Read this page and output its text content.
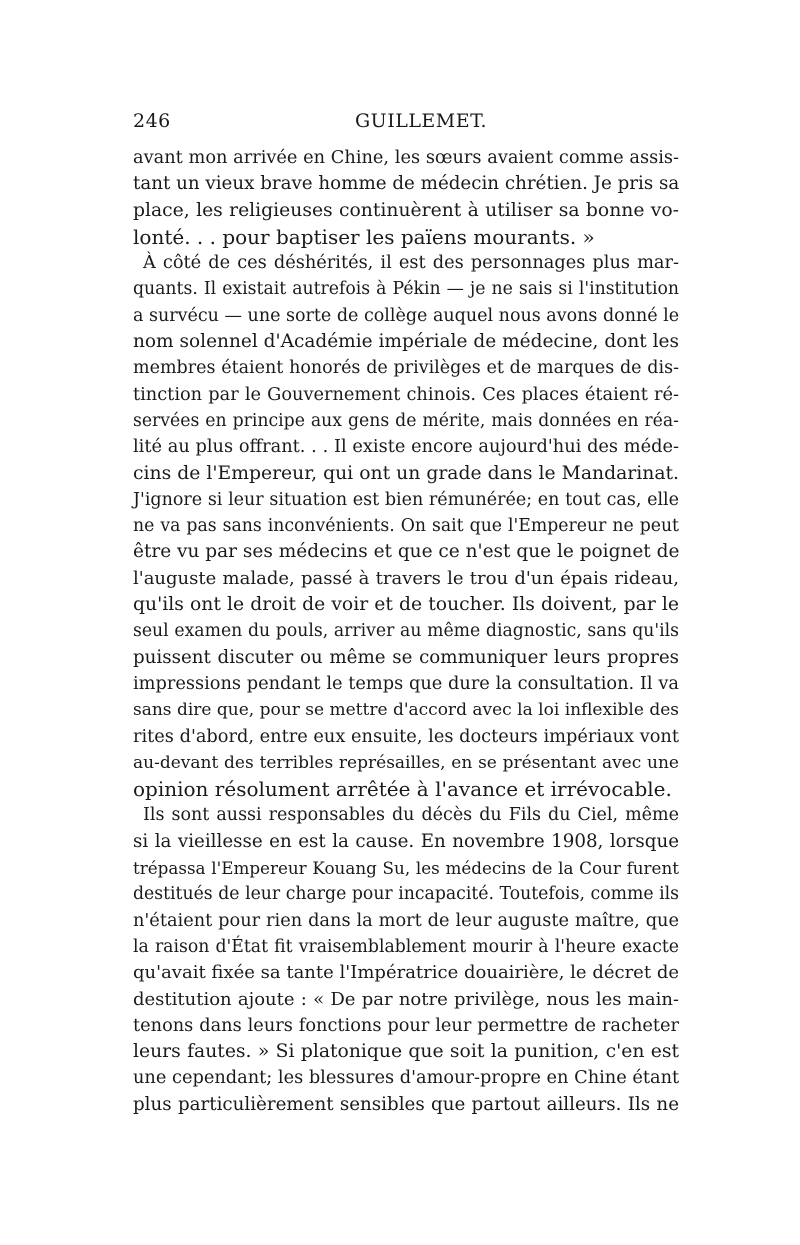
246	GUILLEMET.
avant mon arrivée en Chine, les sœurs avaient comme assis-
tant un vieux brave homme de médecin chrétien. Je pris sa
place, les religieuses continuèrent à utiliser sa bonne vo-
lonté. . . pour baptiser les païens mourants. »
À côté de ces déshérités, il est des personnages plus mar-
quants. Il existait autrefois à Pékin — je ne sais si l'institution
a survécu — une sorte de collège auquel nous avons donné le
nom solennel d'Académie impériale de médecine, dont les
membres étaient honorés de privilèges et de marques de dis-
tinction par le Gouvernement chinois. Ces places étaient ré-
servées en principe aux gens de mérite, mais données en réa-
lité au plus offrant. . . Il existe encore aujourd'hui des méde-
cins de l'Empereur, qui ont un grade dans le Mandarinat.
J'ignore si leur situation est bien rémunérée; en tout cas, elle
ne va pas sans inconvénients. On sait que l'Empereur ne peut
être vu par ses médecins et que ce n'est que le poignet de
l'auguste malade, passé à travers le trou d'un épais rideau,
qu'ils ont le droit de voir et de toucher. Ils doivent, par le
seul examen du pouls, arriver au même diagnostic, sans qu'ils
puissent discuter ou même se communiquer leurs propres
impressions pendant le temps que dure la consultation. Il va
sans dire que, pour se mettre d'accord avec la loi inflexible des
rites d'abord, entre eux ensuite, les docteurs impériaux vont
au-devant des terribles représailles, en se présentant avec une
opinion résolument arrêtée à l'avance et irrévocable.
Ils sont aussi responsables du décès du Fils du Ciel, même
si la vieillesse en est la cause. En novembre 1908, lorsque
trépassa l'Empereur Kouang Su, les médecins de la Cour furent
destitués de leur charge pour incapacité. Toutefois, comme ils
n'étaient pour rien dans la mort de leur auguste maître, que
la raison d'État fit vraisemblablement mourir à l'heure exacte
qu'avait fixée sa tante l'Impératrice douairière, le décret de
destitution ajoute : « De par notre privilège, nous les main-
tenons dans leurs fonctions pour leur permettre de racheter
leurs fautes. » Si platonique que soit la punition, c'en est
une cependant; les blessures d'amour-propre en Chine étant
plus particulièrement sensibles que partout ailleurs. Ils ne
